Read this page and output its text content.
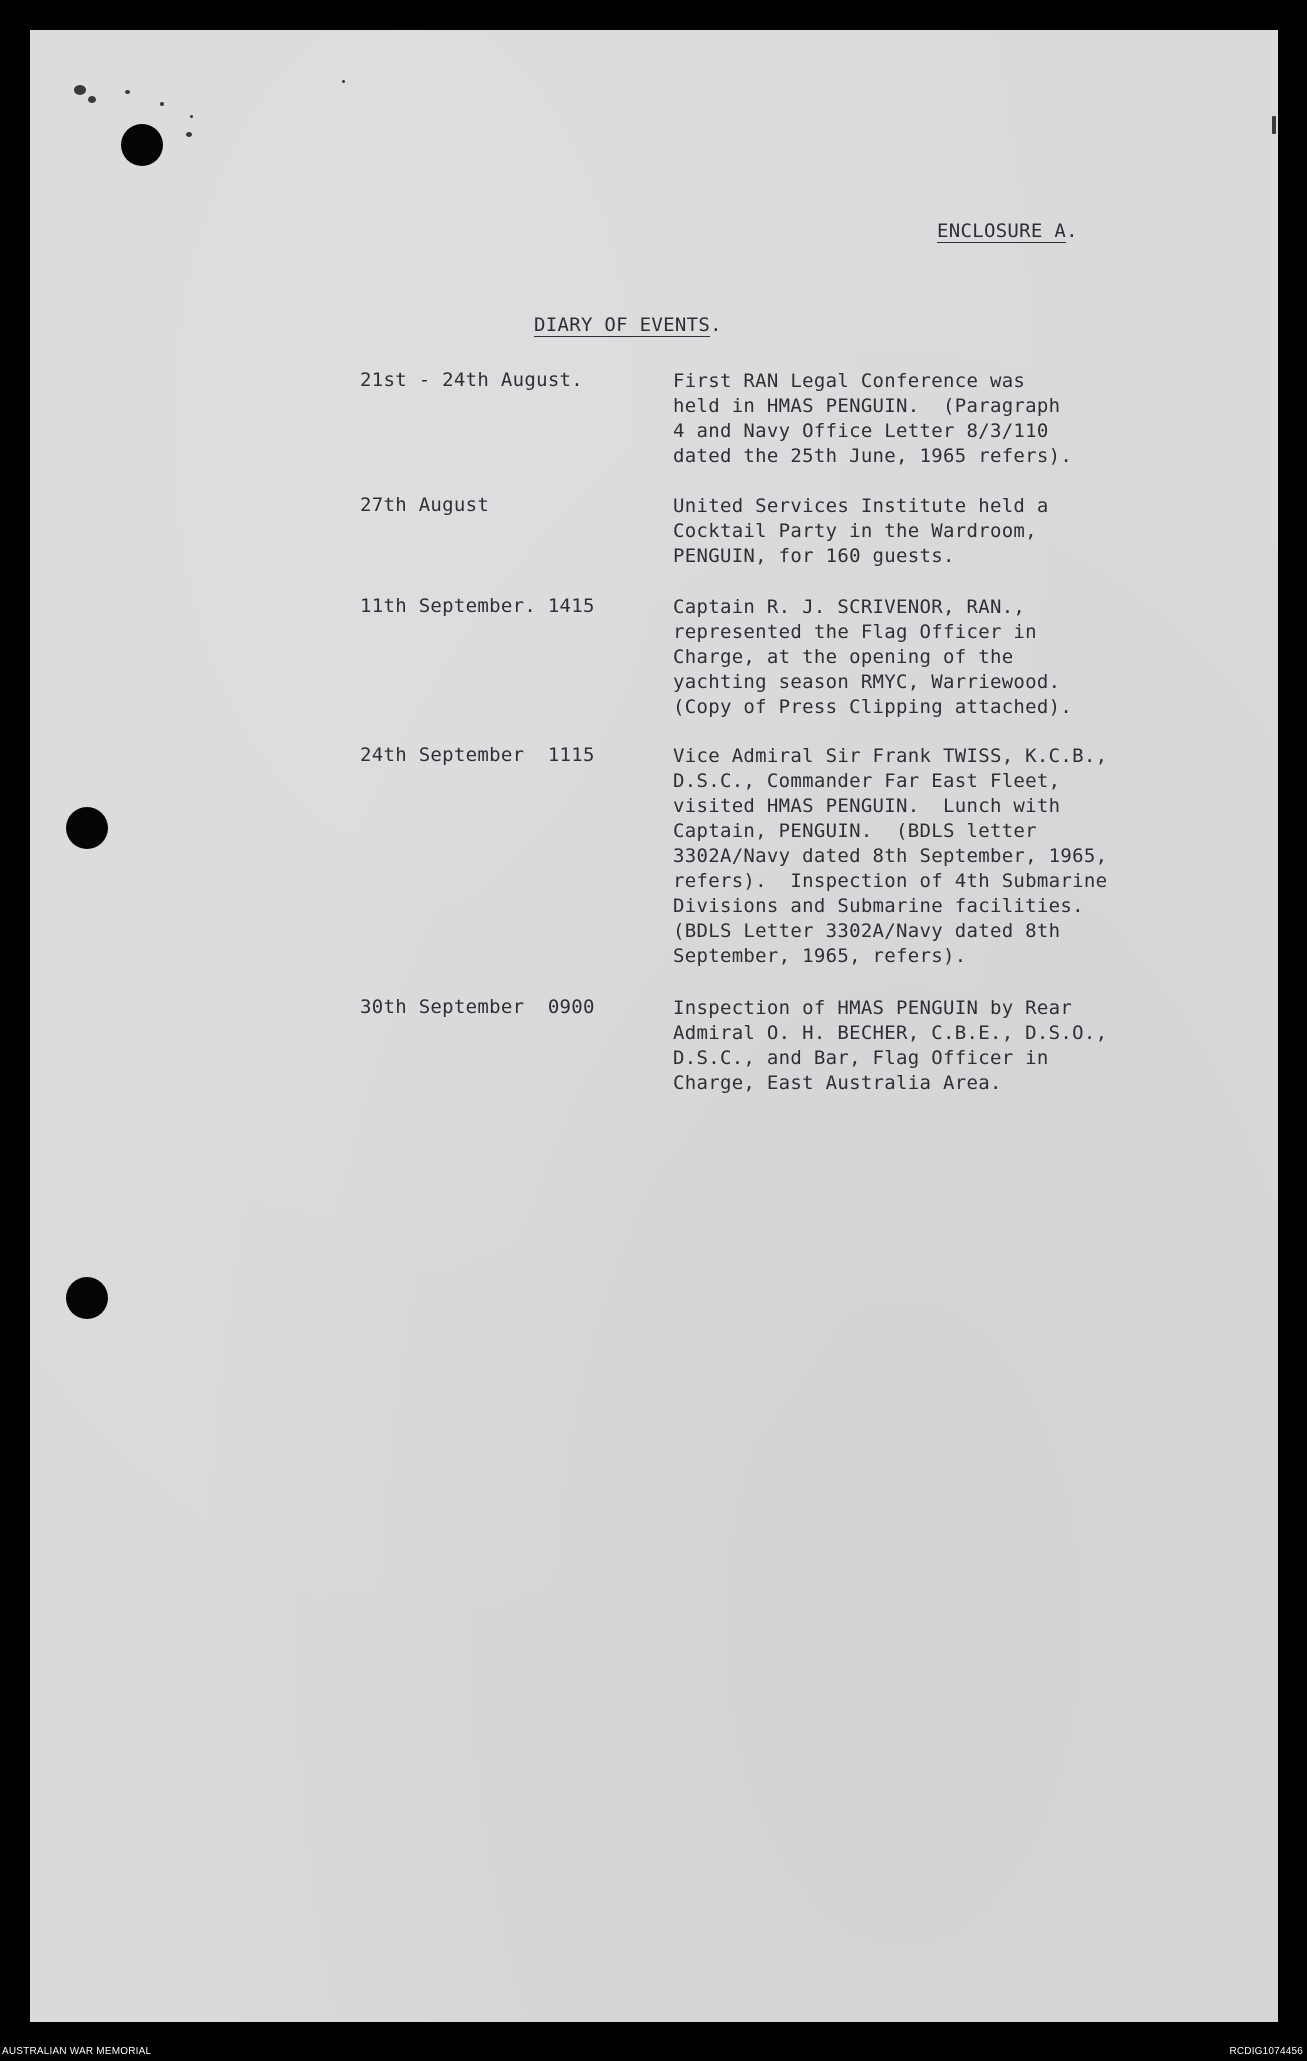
ENCLOSURE A.
DIARY OF EVENTS.
21st - 24th August.	First RAN Legal Conference was
held in HMAS PENGUIN.  (Paragraph
4 and Navy Office Letter 8/3/110
dated the 25th June, 1965 refers).
27th August	United Services Institute held a
Cocktail Party in the Wardroom,
PENGUIN, for 160 guests.
11th September. 1415	Captain R. J. SCRIVENOR, RAN.,
represented the Flag Officer in
Charge, at the opening of the
yachting season RMYC, Warriewood.
(Copy of Press Clipping attached).
24th September  1115	Vice Admiral Sir Frank TWISS, K.C.B.,
D.S.C., Commander Far East Fleet,
visited HMAS PENGUIN.  Lunch with
Captain, PENGUIN.  (BDLS letter
3302A/Navy dated 8th September, 1965,
refers).  Inspection of 4th Submarine
Divisions and Submarine facilities.
(BDLS Letter 3302A/Navy dated 8th
September, 1965, refers).
30th September  0900	Inspection of HMAS PENGUIN by Rear
Admiral O. H. BECHER, C.B.E., D.S.O.,
D.S.C., and Bar, Flag Officer in
Charge, East Australia Area.
AUSTRALIAN WAR MEMORIAL	RCDIG1074456
